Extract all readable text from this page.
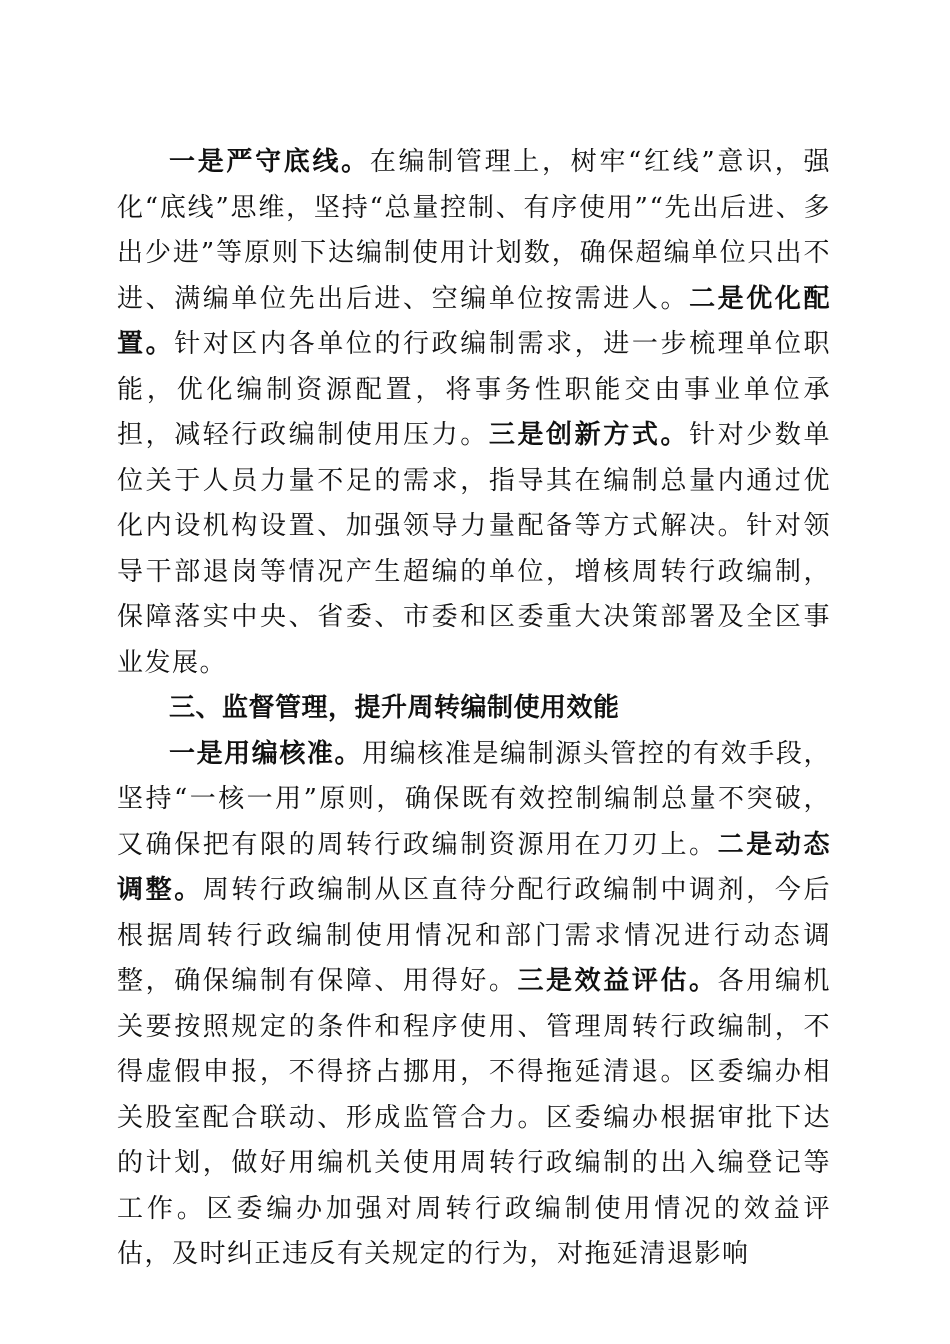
一是严守底线。在编制管理上，树牢“红线”意识，强化“底线”思维，坚持“总量控制、有序使用”“先出后进、多出少进”等原则下达编制使用计划数，确保超编单位只出不进、满编单位先出后进、空编单位按需进人。二是优化配置。针对区内各单位的行政编制需求，进一步梳理单位职能，优化编制资源配置，将事务性职能交由事业单位承担，减轻行政编制使用压力。三是创新方式。针对少数单位关于人员力量不足的需求，指导其在编制总量内通过优化内设机构设置、加强领导力量配备等方式解决。针对领导干部退岗等情况产生超编的单位，增核周转行政编制，保障落实中央、省委、市委和区委重大决策部署及全区事业发展。

三、监督管理，提升周转编制使用效能

一是用编核准。用编核准是编制源头管控的有效手段，坚持“一核一用”原则，确保既有效控制编制总量不突破，又确保把有限的周转行政编制资源用在刀刃上。二是动态调整。周转行政编制从区直待分配行政编制中调剂，今后根据周转行政编制使用情况和部门需求情况进行动态调整，确保编制有保障、用得好。三是效益评估。各用编机关要按照规定的条件和程序使用、管理周转行政编制，不得虚假申报，不得挤占挪用，不得拖延清退。区委编办相关股室配合联动、形成监管合力。区委编办根据审批下达的计划，做好用编机关使用周转行政编制的出入编登记等工作。区委编办加强对周转行政编制使用情况的效益评估，及时纠正违反有关规定的行为，对拖延清退影响
